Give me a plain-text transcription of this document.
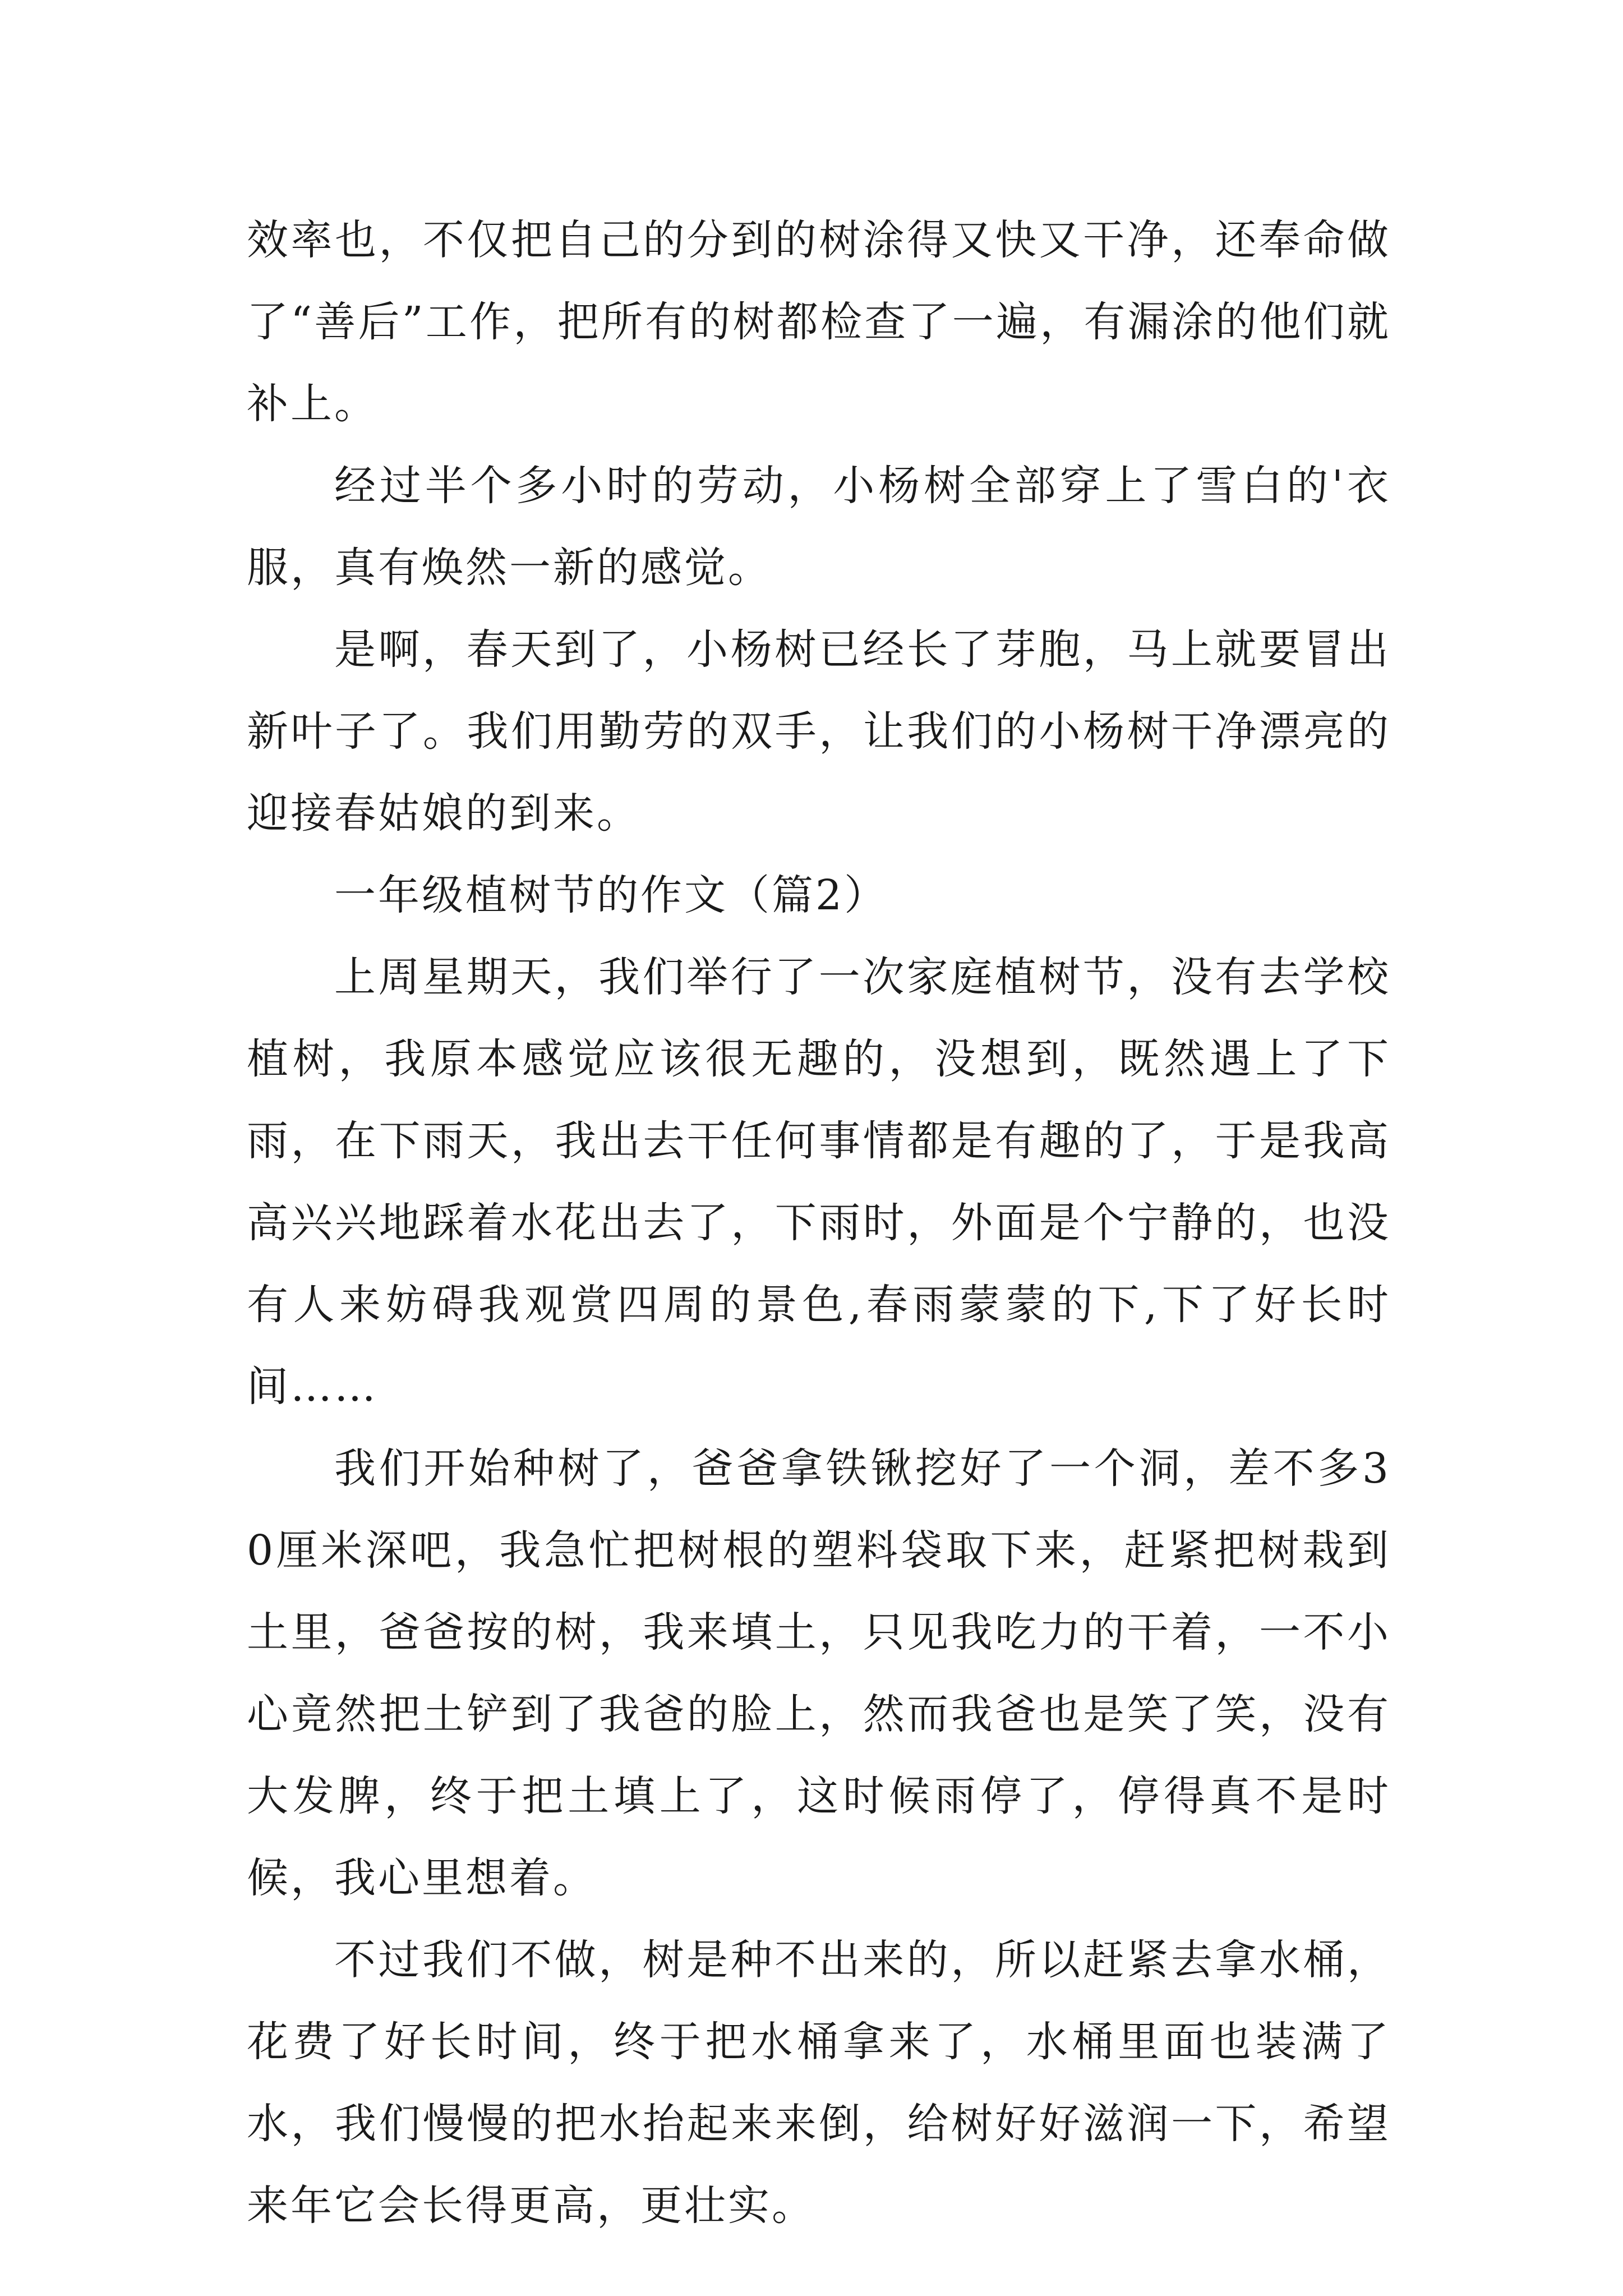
效率也，不仅把自己的分到的树涂得又快又干净，还奉命做了“善后”工作，把所有的树都检查了一遍，有漏涂的他们就补上。

经过半个多小时的劳动，小杨树全部穿上了雪白的'衣服，真有焕然一新的感觉。

是啊，春天到了，小杨树已经长了芽胞，马上就要冒出新叶子了。我们用勤劳的双手，让我们的小杨树干净漂亮的迎接春姑娘的到来。

一年级植树节的作文（篇2）

上周星期天，我们举行了一次家庭植树节，没有去学校植树，我原本感觉应该很无趣的，没想到，既然遇上了下雨，在下雨天，我出去干任何事情都是有趣的了，于是我高高兴兴地踩着水花出去了，下雨时，外面是个宁静的，也没有人来妨碍我观赏四周的景色,春雨蒙蒙的下,下了好长时间……

我们开始种树了，爸爸拿铁锹挖好了一个洞，差不多30厘米深吧，我急忙把树根的塑料袋取下来，赶紧把树栽到土里，爸爸按的树，我来填土，只见我吃力的干着，一不小心竟然把土铲到了我爸的脸上，然而我爸也是笑了笑，没有大发脾，终于把土填上了，这时候雨停了，停得真不是时候，我心里想着。

不过我们不做，树是种不出来的，所以赶紧去拿水桶，花费了好长时间，终于把水桶拿来了，水桶里面也装满了水，我们慢慢的把水抬起来来倒，给树好好滋润一下，希望来年它会长得更高，更壮实。
